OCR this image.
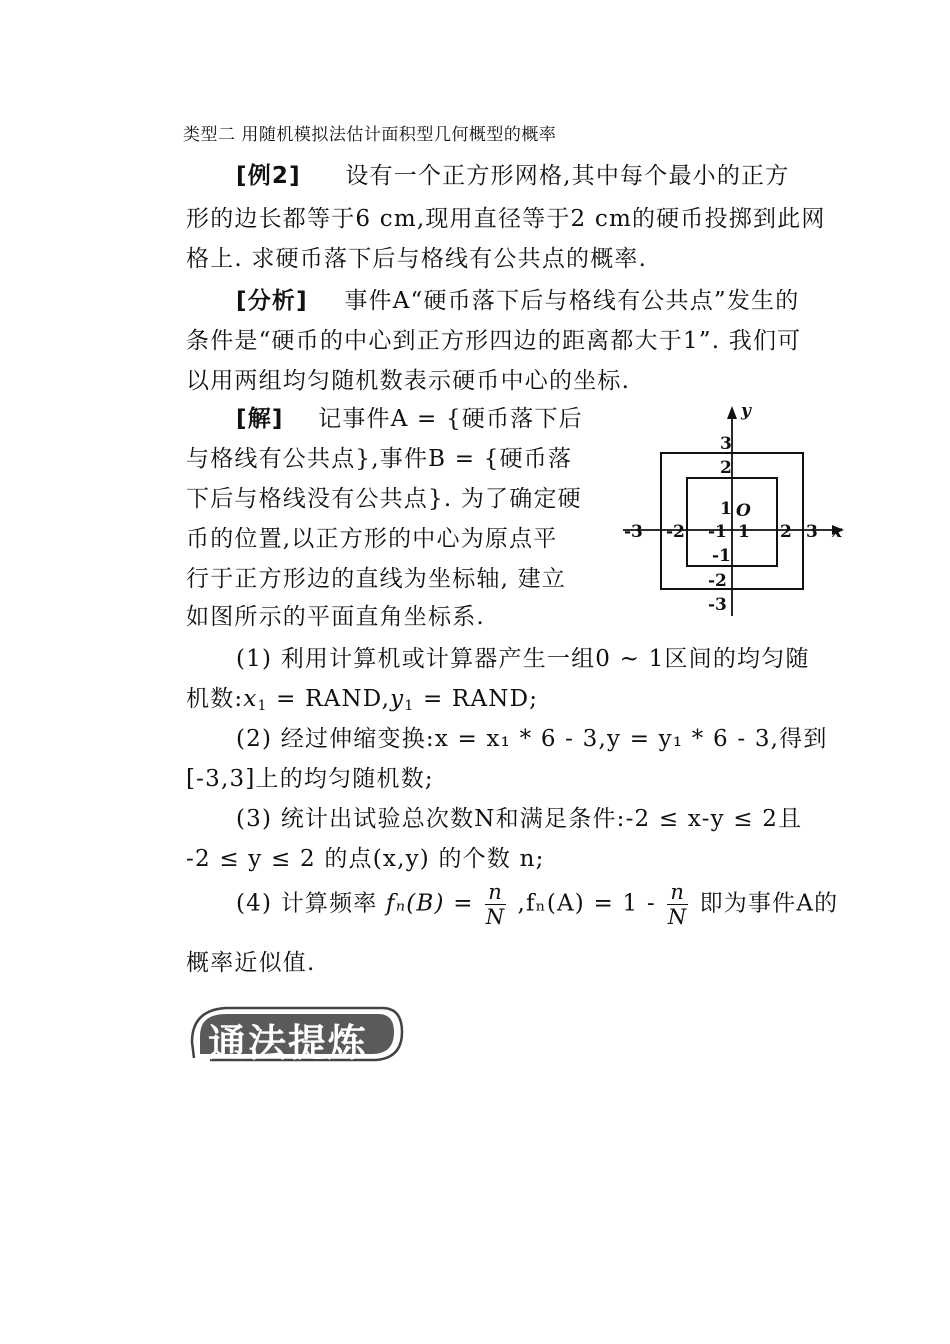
类型二 用随机模拟法估计面积型几何概型的概率
[例2] 设有一个正方形网格,其中每个最小的正方
形的边长都等于6 cm,现用直径等于2 cm的硬币投掷到此网
格上. 求硬币落下后与格线有公共点的概率.
[分析] 事件A“硬币落下后与格线有公共点”发生的
条件是“硬币的中心到正方形四边的距离都大于1”. 我们可
以用两组均匀随机数表示硬币中心的坐标.
[解] 记事件A = {硬币落下后
与格线有公共点},事件B = {硬币落
下后与格线没有公共点}. 为了确定硬
币的位置,以正方形的中心为原点平
行于正方形边的直线为坐标轴, 建立
如图所示的平面直角坐标系.
y
x
O
3
2
1
-1
-2
-3
-3 -2 -1 1 2 3
(1) 利用计算机或计算器产生一组0 ~ 1区间的均匀随
机数$:x_1$ = $RAND,y_1$ = RAND;
(2) 经过伸缩变换:x = x₁ * 6 - 3,y = y₁ * 6 - 3,得到
[-3,3]上的均匀随机数;
(3) 统计出试验总次数N和满足条件:-2 ≤ x-y ≤ 2且
-2 ≤ y ≤ 2 的点(x,y) 的个数 n;
(4) 计算频率 $f_n(B) = \frac{n}{N} ,f_n(A) = 1 - \frac{n}{N}$ 即为事件A的
概率近似值.
通法提炼
